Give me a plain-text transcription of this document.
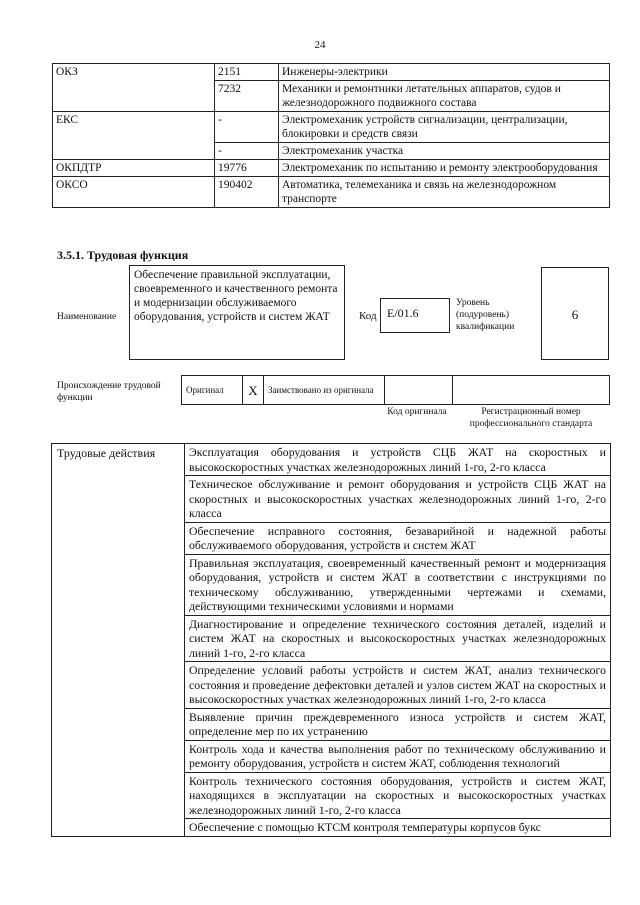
24
ОКЗ	2151	Инженеры-электрики
	7232	Механики и ремонтники летательных аппаратов, судов и железнодорожного подвижного состава
ЕКС	-	Электромеханик устройств сигнализации, централизации, блокировки и средств связи
	-	Электромеханик участка
ОКПДТР	19776	Электромеханик по испытанию и ремонту электрооборудования
ОКСО	190402	Автоматика, телемеханика и связь на железнодорожном транспорте
3.5.1. Трудовая функция
Наименование
Обеспечение правильной эксплуатации, своевременного и качественного ремонта и модернизации обслуживаемого оборудования, устройств и систем ЖАТ	Код Е/01.6
Уровень (подуровень) квалификации
6
Происхождение трудовой функции
Оригинал	X	Заимствовано из оригинала		
Код оригинала	Регистрационный номер профессионального стандарта
Трудовые действия	Эксплуатация оборудования и устройств СЦБ ЖАТ на скоростных и высокоскоростных участках железнодорожных линий 1-го, 2-го класса
Техническое обслуживание и ремонт оборудования и устройств СЦБ ЖАТ на скоростных и высокоскоростных участках железнодорожных линий 1-го, 2-го класса
Обеспечение исправного состояния, безаварийной и надежной работы обслуживаемого оборудования, устройств и систем ЖАТ
Правильная эксплуатация, своевременный качественный ремонт и модернизация оборудования, устройств и систем ЖАТ в соответствии с инструкциями по техническому обслуживанию, утвержденными чертежами и схемами, действующими техническими условиями и нормами
Диагностирование и определение технического состояния деталей, изделий и систем ЖАТ на скоростных и высокоскоростных участках железнодорожных линий 1-го, 2-го класса
Определение условий работы устройств и систем ЖАТ, анализ технического состояния и проведение дефектовки деталей и узлов систем ЖАТ на скоростных и высокоскоростных участках железнодорожных линий 1-го, 2-го класса
Выявление причин преждевременного износа устройств и систем ЖАТ, определение мер по их устранению
Контроль хода и качества выполнения работ по техническому обслуживанию и ремонту оборудования, устройств и систем ЖАТ, соблюдения технологий
Контроль технического состояния оборудования, устройств и систем ЖАТ, находящихся в эксплуатации на скоростных и высокоскоростных участках железнодорожных линий 1-го, 2-го класса
Обеспечение с помощью КТСМ контроля температуры корпусов букс
